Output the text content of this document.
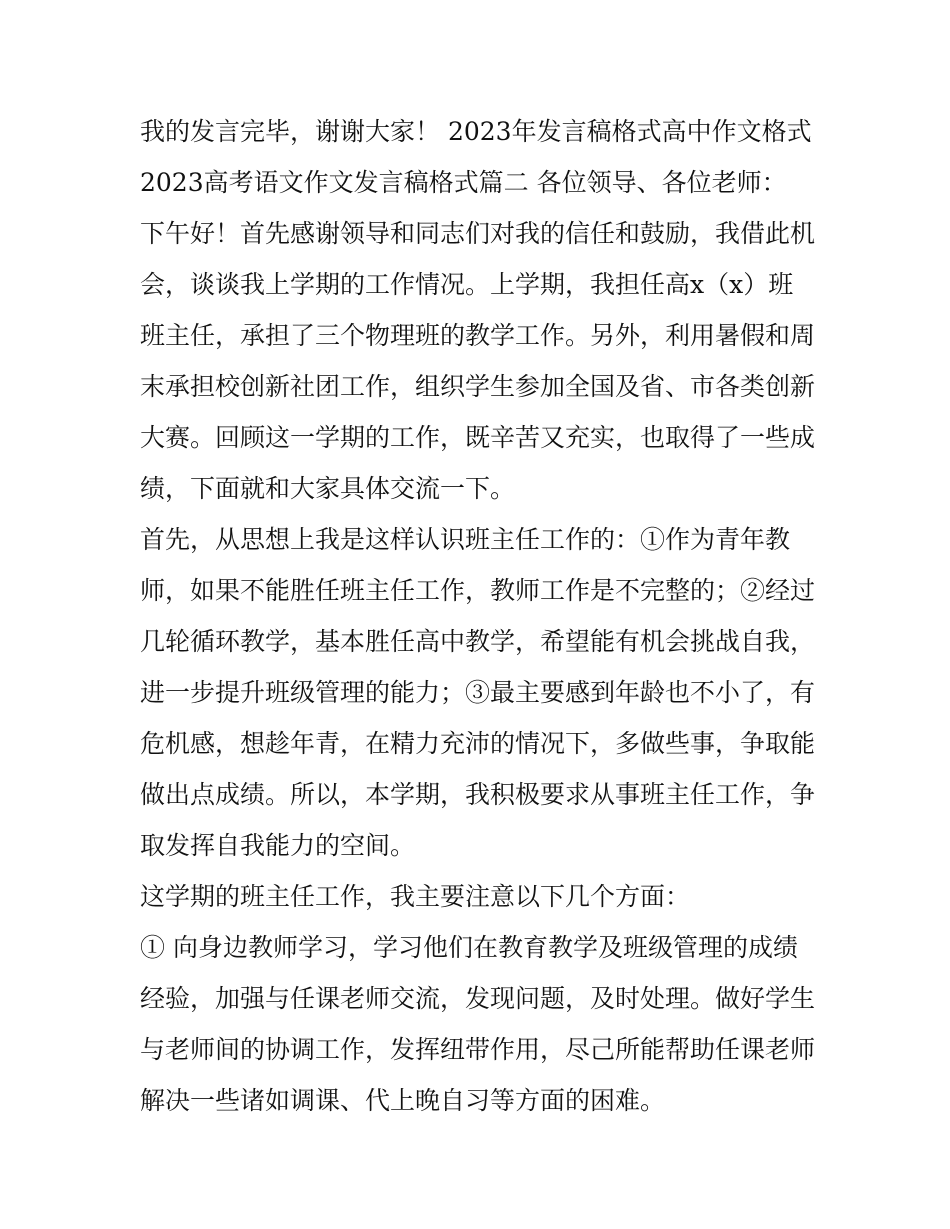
我的发言完毕，谢谢大家！ 2023年发言稿格式高中作文格式
2023高考语文作文发言稿格式篇二 各位领导、各位老师：
下午好！首先感谢领导和同志们对我的信任和鼓励，我借此机
会，谈谈我上学期的工作情况。上学期，我担任高x（x）班
班主任，承担了三个物理班的教学工作。另外，利用暑假和周
末承担校创新社团工作，组织学生参加全国及省、市各类创新
大赛。回顾这一学期的工作，既辛苦又充实，也取得了一些成
绩，下面就和大家具体交流一下。
首先，从思想上我是这样认识班主任工作的：①作为青年教
师，如果不能胜任班主任工作，教师工作是不完整的；②经过
几轮循环教学，基本胜任高中教学，希望能有机会挑战自我，
进一步提升班级管理的能力；③最主要感到年龄也不小了，有
危机感，想趁年青，在精力充沛的情况下，多做些事，争取能
做出点成绩。所以，本学期，我积极要求从事班主任工作，争
取发挥自我能力的空间。
这学期的班主任工作，我主要注意以下几个方面：
① 向身边教师学习，学习他们在教育教学及班级管理的成绩
经验，加强与任课老师交流，发现问题，及时处理。做好学生
与老师间的协调工作，发挥纽带作用，尽己所能帮助任课老师
解决一些诸如调课、代上晚自习等方面的困难。
